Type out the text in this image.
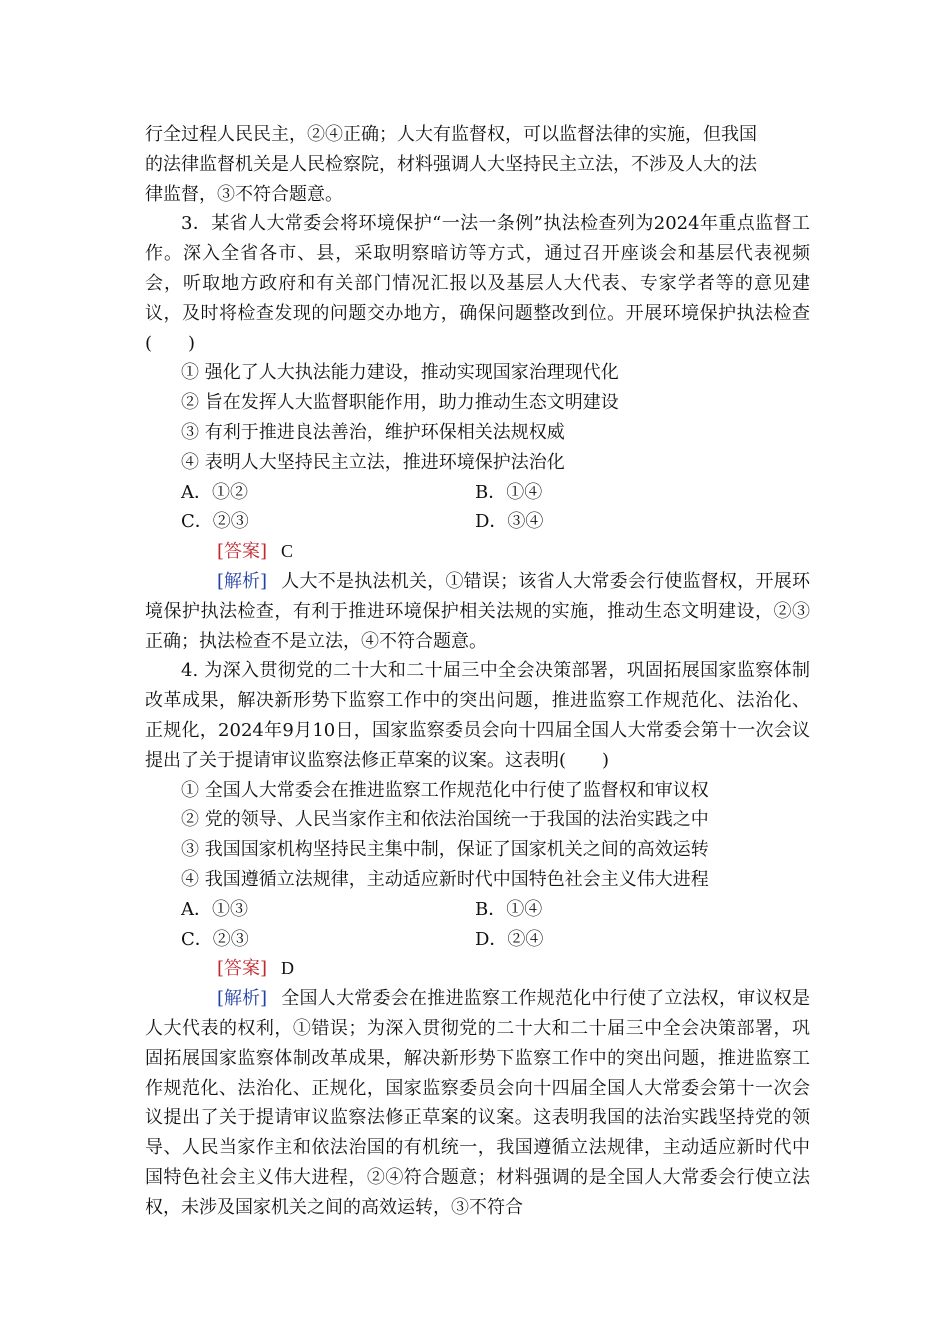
行全过程人民民主，②④正确；人大有监督权，可以监督法律的实施，但我国
的法律监督机关是人民检察院，材料强调人大坚持民主立法，不涉及人大的法
律监督，③不符合题意。

3．某省人大常委会将环境保护“一法一条例”执法检查列为2024年重点监督工作。深入全省各市、县，采取明察暗访等方式，通过召开座谈会和基层代表视频会，听取地方政府和有关部门情况汇报以及基层人大代表、专家学者等的意见建议，及时将检查发现的问题交办地方，确保问题整改到位。开展环境保护执法检查(　　)

① 强化了人大执法能力建设，推动实现国家治理现代化

② 旨在发挥人大监督职能作用，助力推动生态文明建设

③ 有利于推进良法善治，维护环保相关法规权威

④ 表明人大坚持民主立法，推进环境保护法治化

A．①②	B．①④
C．②③	D．③④

[答案] C

[解析] 人大不是执法机关，①错误；该省人大常委会行使监督权，开展环境保护执法检查，有利于推进环境保护相关法规的实施，推动生态文明建设，②③正确；执法检查不是立法，④不符合题意。

4. 为深入贯彻党的二十大和二十届三中全会决策部署，巩固拓展国家监察体制改革成果，解决新形势下监察工作中的突出问题，推进监察工作规范化、法治化、正规化，2024年9月10日，国家监察委员会向十四届全国人大常委会第十一次会议提出了关于提请审议监察法修正草案的议案。这表明(　　)

① 全国人大常委会在推进监察工作规范化中行使了监督权和审议权

② 党的领导、人民当家作主和依法治国统一于我国的法治实践之中

③ 我国国家机构坚持民主集中制，保证了国家机关之间的高效运转

④ 我国遵循立法规律，主动适应新时代中国特色社会主义伟大进程

A．①③	B．①④
C．②③	D．②④

[答案] D

[解析] 全国人大常委会在推进监察工作规范化中行使了立法权，审议权是人大代表的权利，①错误；为深入贯彻党的二十大和二十届三中全会决策部署，巩固拓展国家监察体制改革成果，解决新形势下监察工作中的突出问题，推进监察工作规范化、法治化、正规化，国家监察委员会向十四届全国人大常委会第十一次会议提出了关于提请审议监察法修正草案的议案。这表明我国的法治实践坚持党的领导、人民当家作主和依法治国的有机统一，我国遵循立法规律，主动适应新时代中国特色社会主义伟大进程，②④符合题意；材料强调的是全国人大常委会行使立法权，未涉及国家机关之间的高效运转，③不符合
